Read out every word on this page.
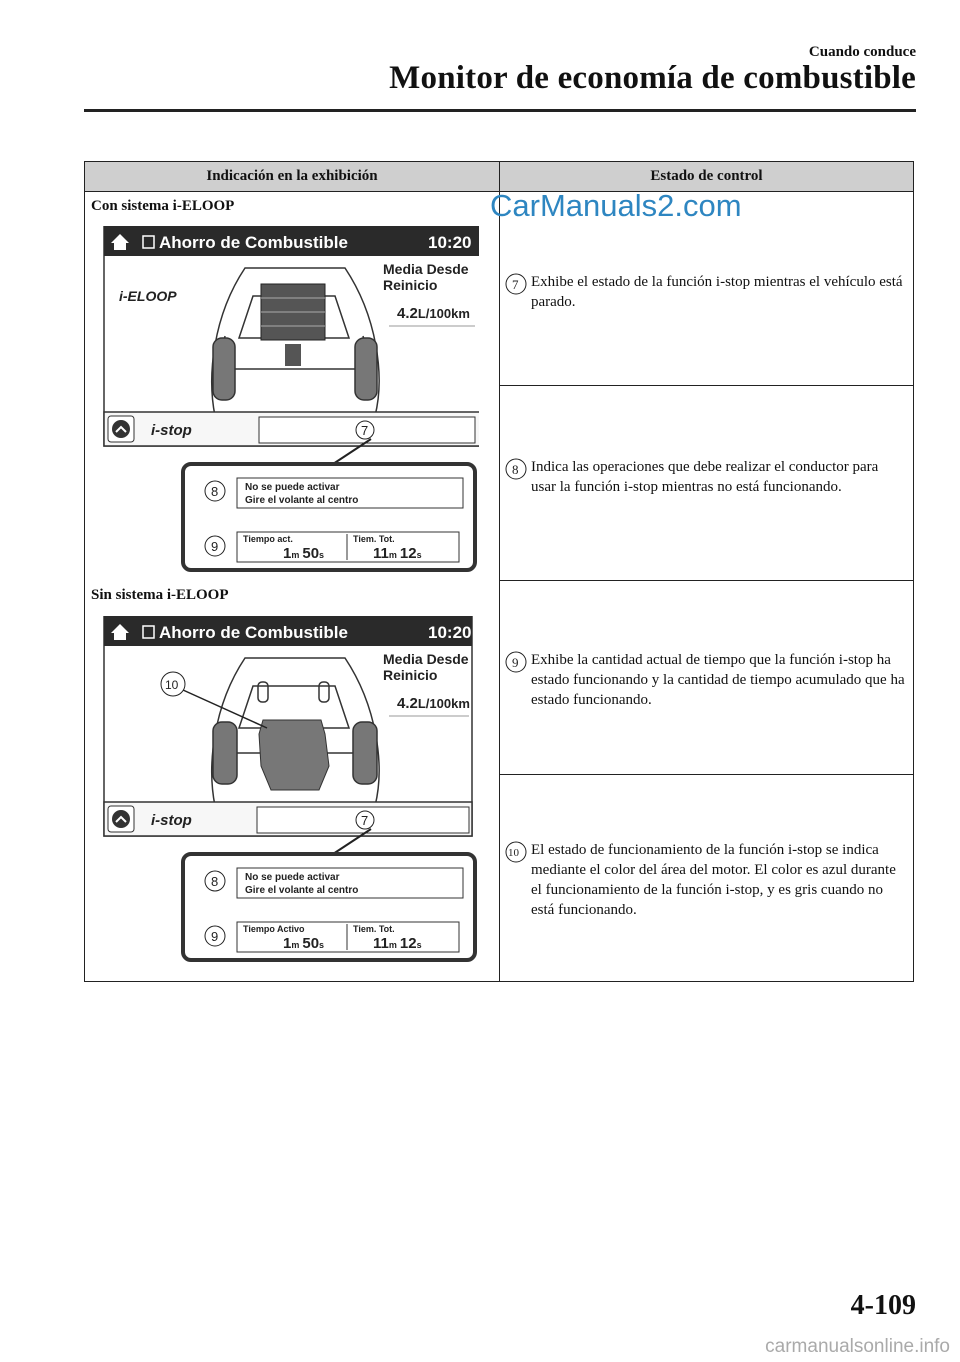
Cuando conduce
Monitor de economía de combustible
Indicación en la exhibición	Estado de control
Con sistema i-ELOOP
Sin sistema i-ELOOP
Ahorro de Combustible	10:20
i-ELOOP
Media Desde
Reinicio
4.2L/100km
i-stop	7
8	No se puede activar
Gire el volante al centro
9	Tiempo act.	Tiem. Tot.
1m 50s	11m 12s
Ahorro de Combustible	10:20
10
Media Desde
Reinicio
4.2L/100km
i-stop	7
8	No se puede activar
Gire el volante al centro
9	Tiempo Activo	Tiem. Tot.
1m 50s	11m 12s
7 Exhibe el estado de la función i-stop mientras el vehículo está parado.
8 Indica las operaciones que debe realizar el conductor para usar la función i-stop mientras no está funcionando.
9 Exhibe la cantidad actual de tiempo que la función i-stop ha estado funcionando y la cantidad de tiempo acumulado que ha estado funcionando.
10 El estado de funcionamiento de la función i-stop se indica mediante el color del área del motor. El color es azul durante el funcionamiento de la función i-stop, y es gris cuando no está funcionando.
CarManuals2.com
4-109
carmanualsonline.info
